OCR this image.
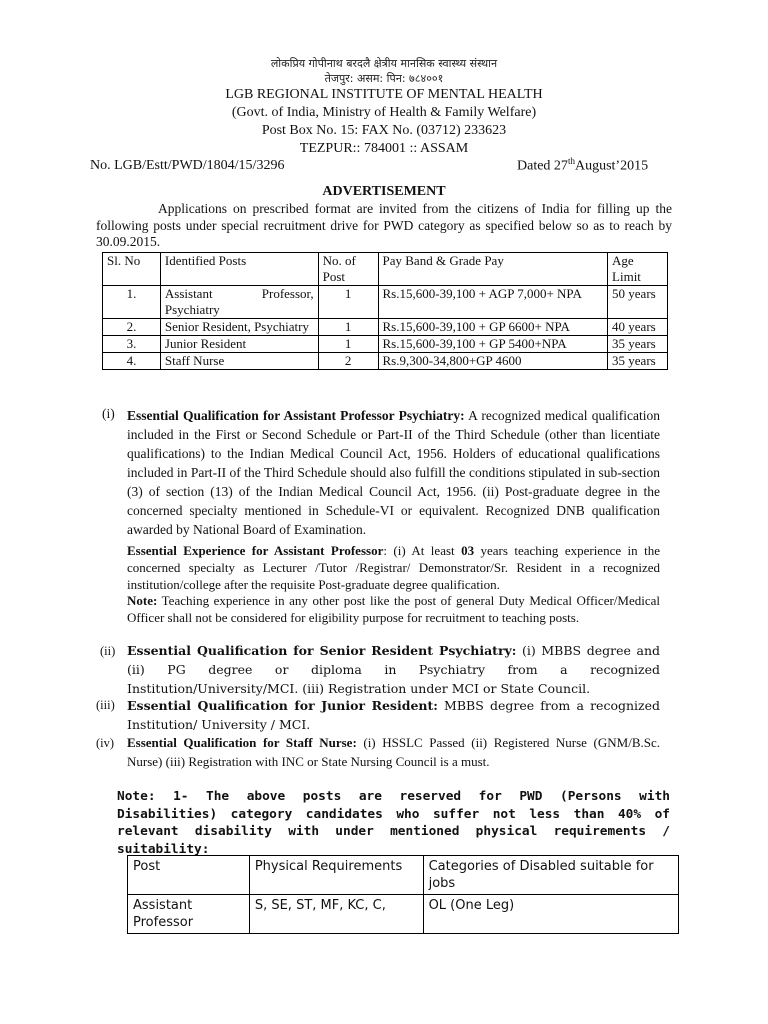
लोकप्रिय गोपीनाथ बरदलै क्षेत्रीय मानसिक स्वास्थ्य संस्थान
तेजपुर: असम: पिन: ७८४००१
LGB REGIONAL INSTITUTE OF MENTAL HEALTH
(Govt. of India, Ministry of Health & Family Welfare)
Post Box No. 15: FAX No. (03712) 233623
TEZPUR:: 784001 :: ASSAM
No. LGB/Estt/PWD/1804/15/3296	Dated 27thAugust’2015
ADVERTISEMENT
Applications on prescribed format are invited from the citizens of India for filling up the following posts under special recruitment drive for PWD category as specified below so as to reach by 30.09.2015.
Sl. No	Identified Posts	No. of Post	Pay Band & Grade Pay	Age Limit
1.	Assistant Professor, Psychiatry	1	Rs.15,600-39,100 + AGP 7,000+ NPA	50 years
2.	Senior Resident, Psychiatry	1	Rs.15,600-39,100 + GP 6600+ NPA	40 years
3.	Junior Resident	1	Rs.15,600-39,100 + GP 5400+NPA	35 years
4.	Staff Nurse	2	Rs.9,300-34,800+GP 4600	35 years
(i) Essential Qualification for Assistant Professor Psychiatry: A recognized medical qualification included in the First or Second Schedule or Part-II of the Third Schedule (other than licentiate qualifications) to the Indian Medical Council Act, 1956. Holders of educational qualifications included in Part-II of the Third Schedule should also fulfill the conditions stipulated in sub-section (3) of section (13) of the Indian Medical Council Act, 1956. (ii) Post-graduate degree in the concerned specialty mentioned in Schedule-VI or equivalent. Recognized DNB qualification awarded by National Board of Examination.
Essential Experience for Assistant Professor: (i) At least 03 years teaching experience in the concerned specialty as Lecturer /Tutor /Registrar/ Demonstrator/Sr. Resident in a recognized institution/college after the requisite Post-graduate degree qualification.
Note: Teaching experience in any other post like the post of general Duty Medical Officer/Medical Officer shall not be considered for eligibility purpose for recruitment to teaching posts.
(ii) Essential Qualification for Senior Resident Psychiatry: (i) MBBS degree and (ii) PG degree or diploma in Psychiatry from a recognized Institution/University/MCI. (iii) Registration under MCI or State Council.
(iii) Essential Qualification for Junior Resident: MBBS degree from a recognized Institution/ University / MCI.
(iv) Essential Qualification for Staff Nurse: (i) HSSLC Passed (ii) Registered Nurse (GNM/B.Sc. Nurse) (iii) Registration with INC or State Nursing Council is a must.
Note: 1- The above posts are reserved for PWD (Persons with Disabilities) category candidates who suffer not less than 40% of relevant disability with under mentioned physical requirements / suitability:
Post	Physical Requirements	Categories of Disabled suitable for jobs
Assistant Professor	S, SE, ST, MF, KC, C,	OL (One Leg)
